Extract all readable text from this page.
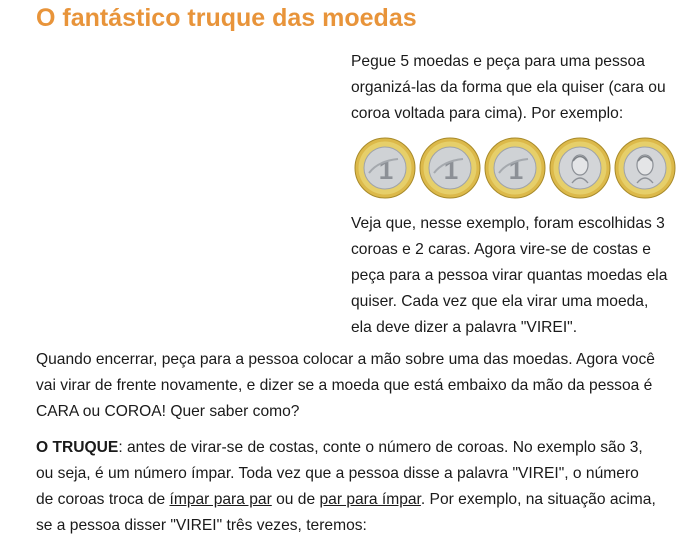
O fantástico truque das moedas

Pegue 5 moedas e peça para uma pessoa
organizá-las da forma que ela quiser (cara ou
coroa voltada para cima). Por exemplo:

1 1 1

Veja que, nesse exemplo, foram escolhidas 3
coroas e 2 caras. Agora vire-se de costas e
peça para a pessoa virar quantas moedas ela
quiser. Cada vez que ela virar uma moeda,
ela deve dizer a palavra "VIREI".

Quando encerrar, peça para a pessoa colocar a mão sobre uma das moedas. Agora você
vai virar de frente novamente, e dizer se a moeda que está embaixo da mão da pessoa é
CARA ou COROA! Quer saber como?

O TRUQUE: antes de virar-se de costas, conte o número de coroas. No exemplo são 3,
ou seja, é um número ímpar. Toda vez que a pessoa disse a palavra "VIREI", o número
de coroas troca de ímpar para par ou de par para ímpar. Por exemplo, na situação acima,
se a pessoa disser "VIREI" três vezes, teremos:
